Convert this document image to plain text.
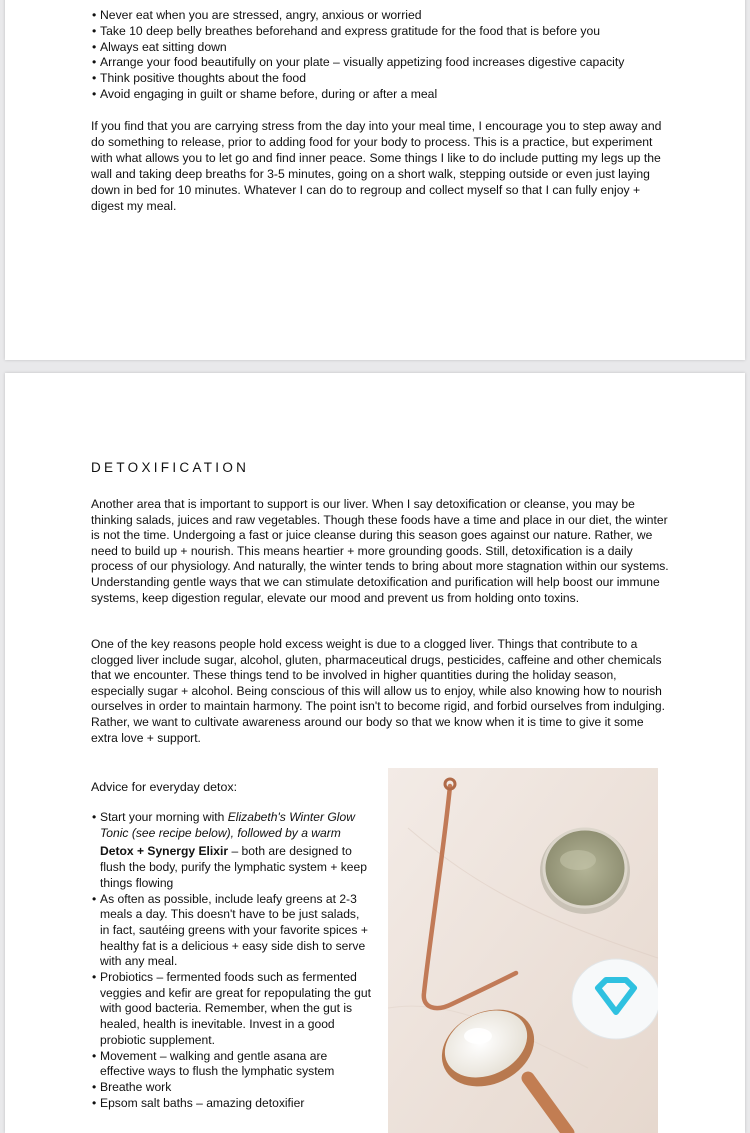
• Never eat when you are stressed, angry, anxious or worried
• Take 10 deep belly breathes beforehand and express gratitude for the food that is before you
• Always eat sitting down
• Arrange your food beautifully on your plate – visually appetizing food increases digestive capacity
• Think positive thoughts about the food
• Avoid engaging in guilt or shame before, during or after a meal

If you find that you are carrying stress from the day into your meal time, I encourage you to step away and do something to release, prior to adding food for your body to process. This is a practice, but experiment with what allows you to let go and find inner peace. Some things I like to do include putting my legs up the wall and taking deep breaths for 3-5 minutes, going on a short walk, stepping outside or even just laying down in bed for 10 minutes. Whatever I can do to regroup and collect myself so that I can fully enjoy + digest my meal.

DETOXIFICATION

Another area that is important to support is our liver. When I say detoxification or cleanse, you may be thinking salads, juices and raw vegetables. Though these foods have a time and place in our diet, the winter is not the time. Undergoing a fast or juice cleanse during this season goes against our nature. Rather, we need to build up + nourish. This means heartier + more grounding goods. Still, detoxification is a daily process of our physiology. And naturally, the winter tends to bring about more stagnation within our systems. Understanding gentle ways that we can stimulate detoxification and purification will help boost our immune systems, keep digestion regular, elevate our mood and prevent us from holding onto toxins.

One of the key reasons people hold excess weight is due to a clogged liver. Things that contribute to a clogged liver include sugar, alcohol, gluten, pharmaceutical drugs, pesticides, caffeine and other chemicals that we encounter. These things tend to be involved in higher quantities during the holiday season, especially sugar + alcohol. Being conscious of this will allow us to enjoy, while also knowing how to nourish ourselves in order to maintain harmony. The point isn't to become rigid, and forbid ourselves from indulging. Rather, we want to cultivate awareness around our body so that we know when it is time to give it some extra love + support.

Advice for everyday detox:

• Start your morning with Elizabeth's Winter Glow Tonic (see recipe below), followed by a warm
Detox + Synergy Elixir – both are designed to flush the body, purify the lymphatic system + keep things flowing
• As often as possible, include leafy greens at 2-3 meals a day. This doesn't have to be just salads, in fact, sautéing greens with your favorite spices + healthy fat is a delicious + easy side dish to serve with any meal.
• Probiotics – fermented foods such as fermented veggies and kefir are great for repopulating the gut with good bacteria. Remember, when the gut is healed, health is inevitable. Invest in a good probiotic supplement.
• Movement – walking and gentle asana are effective ways to flush the lymphatic system
• Breathe work
• Epsom salt baths – amazing detoxifier
